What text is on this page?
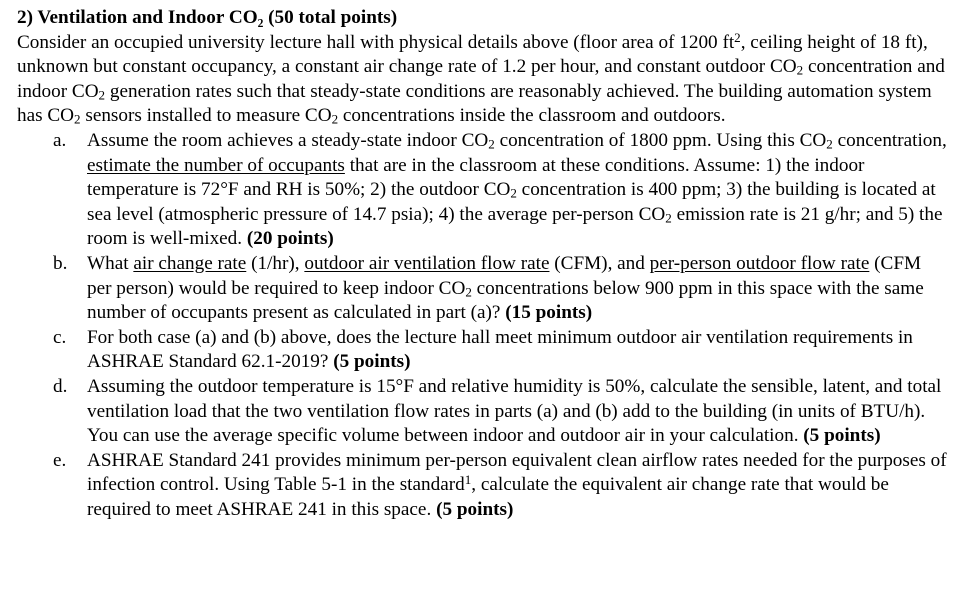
2) Ventilation and Indoor CO₂ (50 total points)

Consider an occupied university lecture hall with physical details above (floor area of 1200 $ft^2$, ceiling height of 18 ft), unknown but constant occupancy, a constant air change rate of 1.2 per hour, and constant outdoor $CO_2$ concentration and indoor $CO_2$ generation rates such that steady-state conditions are reasonably achieved. The building automation system has $CO_2$ sensors installed to measure $CO_2$ concentrations inside the classroom and outdoors.

a. Assume the room achieves a steady-state indoor $CO_2$ concentration of 1800 ppm. Using this $CO_2$ concentration, estimate the number of occupants that are in the classroom at these conditions. Assume: 1) the indoor temperature is 72°F and RH is 50%; 2) the outdoor $CO_2$ concentration is 400 ppm; 3) the building is located at sea level (atmospheric pressure of 14.7 psia); 4) the average per-person $CO_2$ emission rate is 21 g/hr; and 5) the room is well-mixed. (20 points)
b. What air change rate (1/hr), outdoor air ventilation flow rate (CFM), and per-person outdoor flow rate (CFM per person) would be required to keep indoor $CO_2$ concentrations below 900 ppm in this space with the same number of occupants present as calculated in part (a)? (15 points)
c. For both case (a) and (b) above, does the lecture hall meet minimum outdoor air ventilation requirements in ASHRAE Standard 62.1-2019? (5 points)
d. Assuming the outdoor temperature is 15°F and relative humidity is 50%, calculate the sensible, latent, and total ventilation load that the two ventilation flow rates in parts (a) and (b) add to the building (in units of BTU/h). You can use the average specific volume between indoor and outdoor air in your calculation. (5 points)
e. ASHRAE Standard 241 provides minimum per-person equivalent clean airflow rates needed for the purposes of infection control. Using Table 5-1 in the standard$^1$, calculate the equivalent air change rate that would be required to meet ASHRAE 241 in this space. (5 points)
